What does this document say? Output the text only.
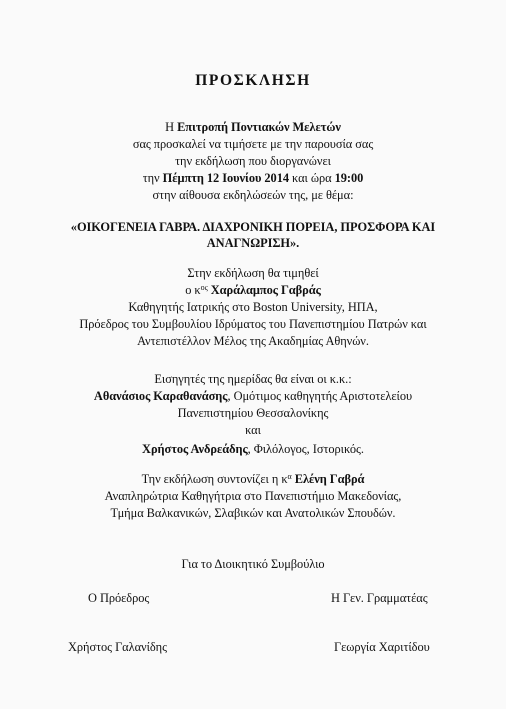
ΠΡΟΣΚΛΗΣΗ
Η Επιτροπή Ποντιακών Μελετών
σας προσκαλεί να τιμήσετε με την παρουσία σας
την εκδήλωση που διοργανώνει
την Πέμπτη 12 Ιουνίου 2014 και ώρα 19:00
στην αίθουσα εκδηλώσεών της, με θέμα:
«ΟΙΚΟΓΕΝΕΙΑ ΓΑΒΡΑ. ΔΙΑΧΡΟΝΙΚΗ ΠΟΡΕΙΑ, ΠΡΟΣΦΟΡΑ ΚΑΙ
ΑΝΑΓΝΩΡΙΣΗ».
Στην εκδήλωση θα τιμηθεί
ο $\kappa^{o\varsigma}$ Χαράλαμπος Γαβράς
Καθηγητής Ιατρικής στο Boston University, ΗΠΑ,
Πρόεδρος του Συμβουλίου Ιδρύματος του Πανεπιστημίου Πατρών και
Αντεπιστέλλον Μέλος της Ακαδημίας Αθηνών.
Εισηγητές της ημερίδας θα είναι οι κ.κ.:
Αθανάσιος Καραθανάσης, Ομότιμος καθηγητής Αριστοτελείου
Πανεπιστημίου Θεσσαλονίκης
και
Χρήστος Ανδρεάδης, Φιλόλογος, Ιστορικός.
Την εκδήλωση συντονίζει η $\kappa^\alpha$ Ελένη Γαβρά
Αναπληρώτρια Καθηγήτρια στο Πανεπιστήμιο Μακεδονίας,
Τμήμα Βαλκανικών, Σλαβικών και Ανατολικών Σπουδών.
Για το Διοικητικό Συμβούλιο
Ο Πρόεδρος	Η Γεν. Γραμματέας
Χρήστος Γαλανίδης	Γεωργία Χαριτίδου
